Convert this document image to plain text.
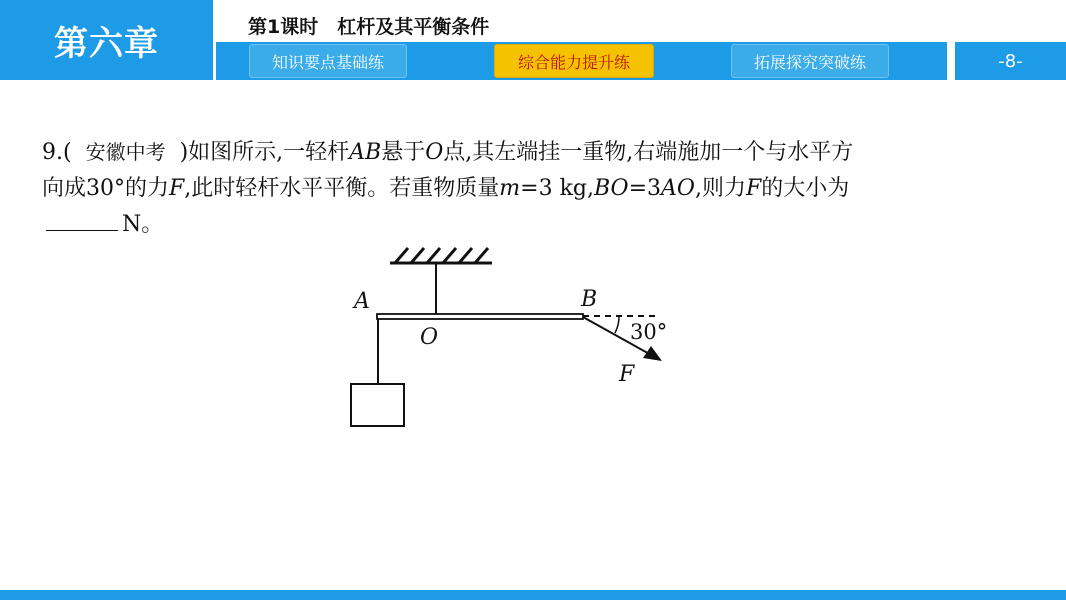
第六章	第1课时　杠杆及其平衡条件
知识要点基础练	综合能力提升练	拓展探究突破练	-8-
9.( 安徽中考 )如图所示,一轻杆AB悬于O点,其左端挂一重物,右端施加一个与水平方
向成30°的力F,此时轻杆水平平衡。若重物质量m=3 kg,BO=3AO,则力F的大小为
N。
A
O
B
30°
F
